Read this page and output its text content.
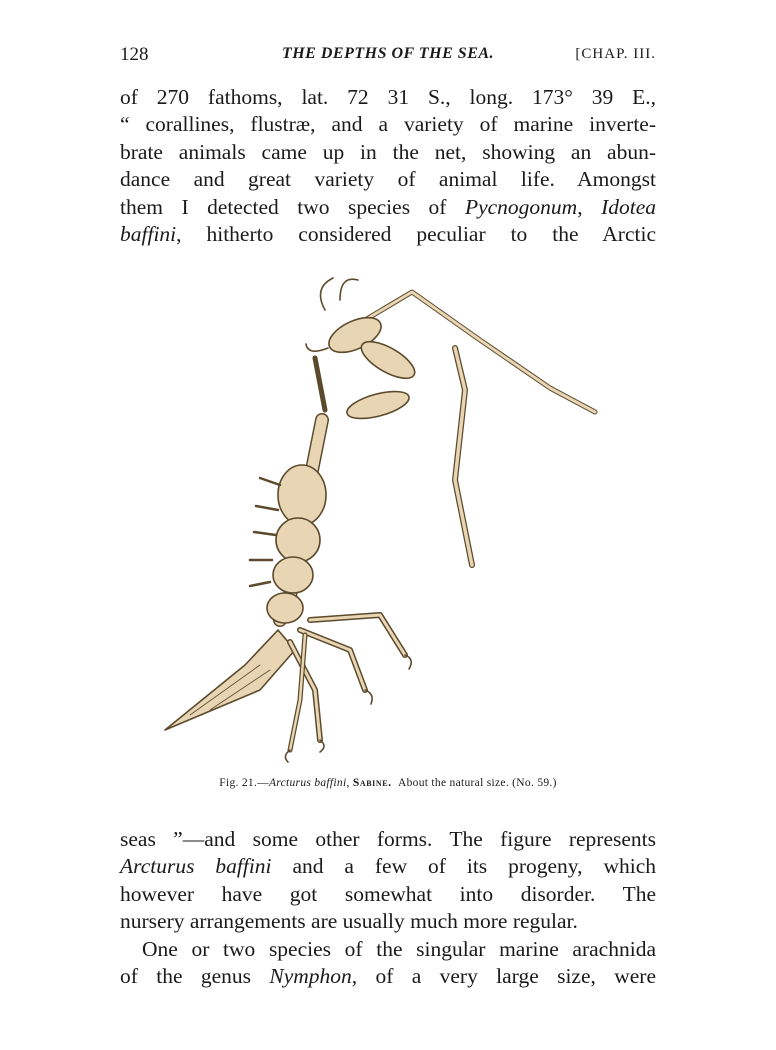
128	THE DEPTHS OF THE SEA.	[CHAP. III.
of 270 fathoms, lat. 72 31 S., long. 173° 39 E.,
“ corallines, flustræ, and a variety of marine inverte-
brate animals came up in the net, showing an abun-
dance and great variety of animal life. Amongst
them I detected two species of Pycnogonum, Idotea
baffini, hitherto considered peculiar to the Arctic
Fig. 21.—Arcturus baffini, Sabine. About the natural size. (No. 59.)
seas ”—and some other forms. The figure represents
Arcturus baffini and a few of its progeny, which
however have got somewhat into disorder. The
nursery arrangements are usually much more regular.
One or two species of the singular marine arachnida
of the genus Nymphon, of a very large size, were
